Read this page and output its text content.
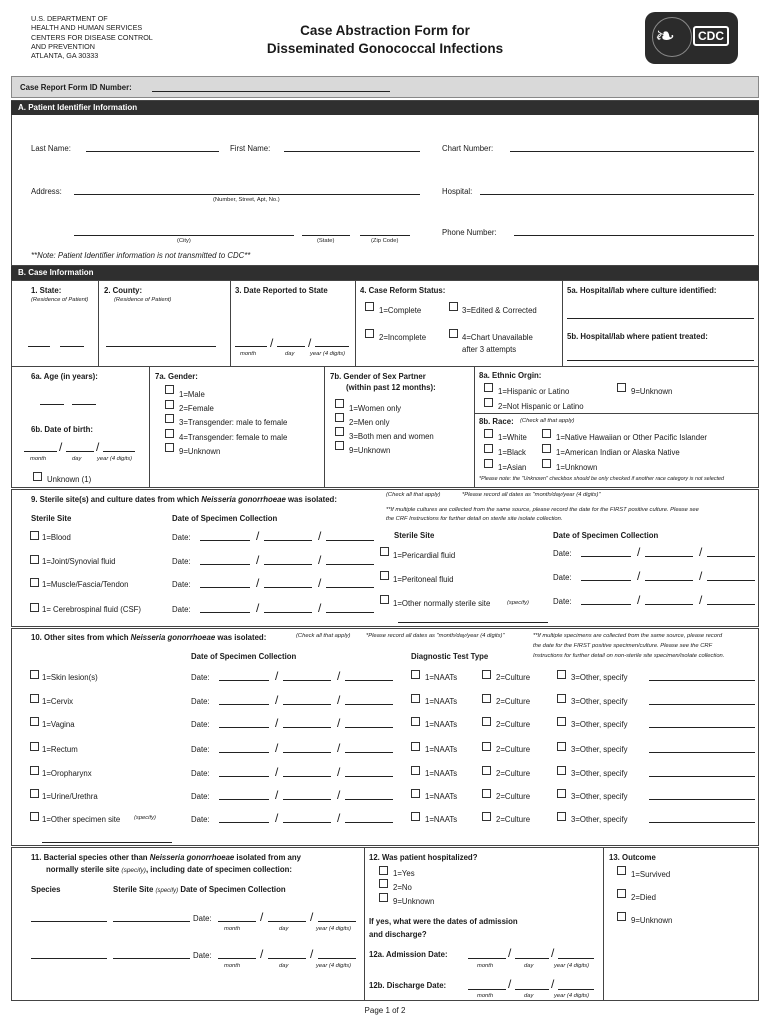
U.S. DEPARTMENT OF
HEALTH AND HUMAN SERVICES
CENTERS FOR DISEASE CONTROL
AND PREVENTION
ATLANTA, GA 30333
Case Abstraction Form for
Disseminated Gonococcal Infections	❧	CDC
Case Report Form ID Number:
A. Patient Identifier Information
Last Name:	First Name:	Chart Number:
Address:
(Number, Street, Apt, No.)
Hospital:
(City)	(State)	(Zip Code)
Phone Number:
**Note: Patient Identifier information is not transmitted to CDC**
B. Case Information
1. State:
(Residence of Patient)
2. County:
(Residence of Patient)
3. Date Reported to State
/	/
month	day	year (4 digits)
4. Case Reform Status:
1=Complete	3=Edited & Corrected
2=Incomplete	4=Chart Unavailable
after 3 attempts
5a. Hospital/lab where culture identified:
5b. Hospital/lab where patient treated:
6a. Age (in years):
6b. Date of birth:
/	/
month	day	year (4 digits)
Unknown (1)
7a. Gender:
1=Male
2=Female
3=Transgender: male to female
4=Transgender: female to male
9=Unknown
7b. Gender of Sex Partner
(within past 12 months):
1=Women only
2=Men only
3=Both men and women
9=Unknown
8a. Ethnic Orgin:
1=Hispanic or Latino	9=Unknown
2=Not Hispanic or Latino
8b. Race: (Check all that apply)
1=White	1=Native Hawaiian or Other Pacific Islander
1=Black	1=American Indian or Alaska Native
1=Asian	1=Unknown
*Please note: the "Unknown" checkbox should be only checked if another race category is not selected
9. Sterile site(s) and culture dates from which Neisseria gonorrhoeae was isolated:	(Check all that apply)	*Please record all dates as "month/day/year (4 digits)"
**If multiple cultures are collected from the same source, please record the date for the FIRST positive culture. Please see
the CRF Instructions for further detail on sterile site isolate collection.
Sterile Site	Date of Specimen Collection
Sterile Site	Date of Specimen Collection
1=Blood	Date:	/	/
1=Joint/Synovial fluid	Date:	/	/
1=Muscle/Fascia/Tendon	Date:	/	/
1= Cerebrospinal fluid (CSF)	Date:	/	/
1=Pericardial fluid	Date:	/	/
1=Peritoneal fluid	Date:	/	/
1=Other normally sterile site	Date:	/	/
(specify)
10. Other sites from which Neisseria gonorrhoeae was isolated:	(Check all that apply)	*Please record all dates as "month/day/year (4 digits)"	**If multiple specimens are collected from the same source, please record
the date for the FIRST positive specimen/culture. Please see the CRF
Instructions for further detail on non-sterile site specimen/isolate collection.
Date of Specimen Collection	Diagnostic Test Type
1=Skin lesion(s)	Date:	/	/	1=NAATs	2=Culture	3=Other, specify
1=Cervix	Date:	/	/	1=NAATs	2=Culture	3=Other, specify
1=Vagina	Date:	/	/	1=NAATs	2=Culture	3=Other, specify
1=Rectum	Date:	/	/	1=NAATs	2=Culture	3=Other, specify
1=Oropharynx	Date:	/	/	1=NAATs	2=Culture	3=Other, specify
1=Urine/Urethra	Date:	/	/	1=NAATs	2=Culture	3=Other, specify
1=Other specimen site	Date:	/	/	1=NAATs	2=Culture	3=Other, specify
(specify)
11. Bacterial species other than Neisseria gonorrhoeae isolated from any
normally sterile site (specify), including date of specimen collection:
Species	Sterile Site (specify) Date of Specimen Collection
Date:	/	/
month	day	year (4 digits)
Date:	/	/
month	day	year (4 digits)
12. Was patient hospitalized?
1=Yes
2=No
9=Unknown
If yes, what were the dates of admission
and discharge?
12a. Admission Date:	/	/
month	day	year (4 digits)
12b. Discharge Date:	/	/
month	day	year (4 digits)
13. Outcome
1=Survived
2=Died
9=Unknown
Page 1 of 2
